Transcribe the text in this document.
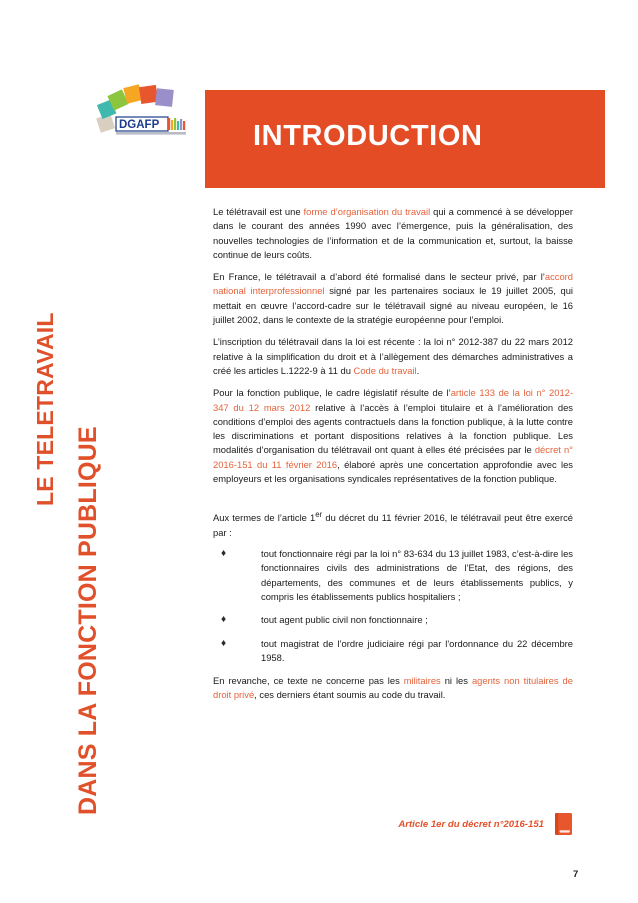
DGAFP
LE TELETRAVAIL
DANS LA FONCTION PUBLIQUE
INTRODUCTION

Le télétravail est une forme d’organisation du travail qui a commencé à se développer dans le courant des années 1990 avec l’émergence, puis la généralisation, des nouvelles technologies de l’information et de la communication et, surtout, la baisse continue de leurs coûts.

En France, le télétravail a d’abord été formalisé dans le secteur privé, par l’accord national interprofessionnel signé par les partenaires sociaux le 19 juillet 2005, qui mettait en œuvre l’accord-cadre sur le télétravail signé au niveau européen, le 16 juillet 2002, dans le contexte de la stratégie européenne pour l’emploi.

L’inscription du télétravail dans la loi est récente : la loi n° 2012-387 du 22 mars 2012 relative à la simplification du droit et à l’allègement des démarches administratives a créé les articles L.1222-9 à 11 du Code du travail.

Pour la fonction publique, le cadre législatif résulte de l’article 133 de la loi n° 2012-347 du 12 mars 2012 relative à l’accès à l’emploi titulaire et à l’amélioration des conditions d’emploi des agents contractuels dans la fonction publique, à la lutte contre les discriminations et portant dispositions relatives à la fonction publique. Les modalités d’organisation du télétravail ont quant à elles été précisées par le décret n° 2016-151 du 11 février 2016, élaboré après une concertation approfondie avec les employeurs et les organisations syndicales représentatives de la fonction publique.

Aux termes de l’article 1er du décret du 11 février 2016, le télétravail peut être exercé par :

♦	tout fonctionnaire régi par la loi n° 83-634 du 13 juillet 1983, c’est-à-dire les fonctionnaires civils des administrations de l’Etat, des régions, des départements, des communes et de leurs établissements publics, y compris les établissements publics hospitaliers ;
♦	tout agent public civil non fonctionnaire ;
♦	tout magistrat de l’ordre judiciaire régi par l'ordonnance du 22 décembre 1958.

En revanche, ce texte ne concerne pas les militaires ni les agents non titulaires de droit privé, ces derniers étant soumis au code du travail.

Article 1er du décret n°2016-151
7
